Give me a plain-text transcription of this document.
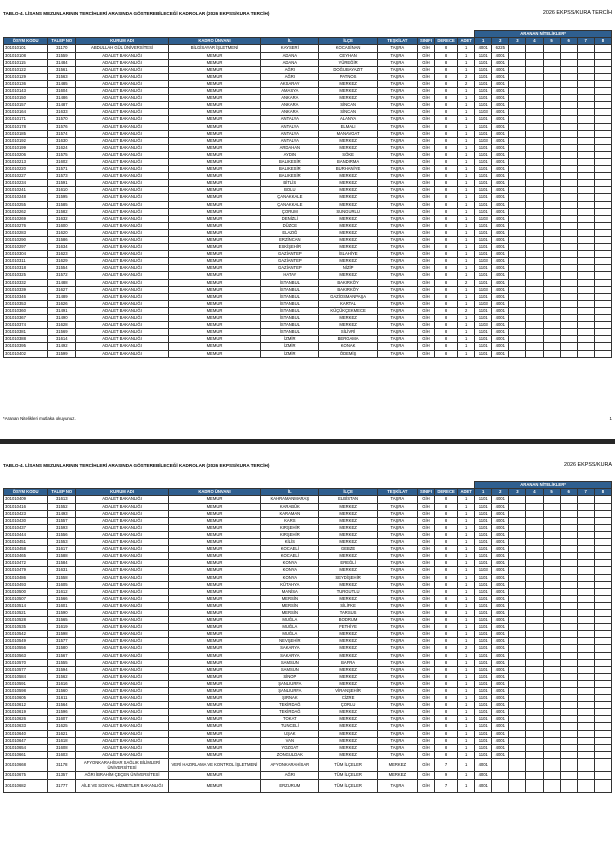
TABLO-4. LİSANS MEZUNLARININ TERCİHLERİ ARASINDA GÖSTEREBİLECEĞİ KADROLAR (2026 EKPSS/KURA TERCİH)	2026 EKPSS/KURA TERCİH
										ARANAN NİTELİKLER*							
ÖSYM KODU	TALEP NO	KURUM ADI	KADRO ÜNVANI	İL	İLÇE	TEŞKİLAT	SINIFI	DERECE	ADET	1	2	3	4	5	6	7	8
301010101	31170	ABDULLAH GÜL ÜNİVERSİTESİ	BİLGİSAYAR İŞLETMENİ	KAYSERİ	KOCASİNAN	TAŞRA	GİH	8	1	4001	6225						
301010108	31559	ADALET BAKANLIĞI	MEMUR	ADANA	CEYHAN	TAŞRA	GİH	8	1	1101	4001						
301010115	31484	ADALET BAKANLIĞI	MEMUR	ADANA	YÜREĞİR	TAŞRA	GİH	8	1	1101	4001						
301010122	31561	ADALET BAKANLIĞI	MEMUR	AĞRI	DOĞUBAYAZIT	TAŞRA	GİH	8	1	1101	4001						
301010129	31563	ADALET BAKANLIĞI	MEMUR	AĞRI	PATNOS	TAŞRA	GİH	8	2	1101	4001						
301010136	31485	ADALET BAKANLIĞI	MEMUR	AKSARAY	MERKEZ	TAŞRA	GİH	8	2	1101	4001						
301010143	31604	ADALET BAKANLIĞI	MEMUR	AMASYA	MERKEZ	TAŞRA	GİH	8	1	1101	4001						
301010150	31486	ADALET BAKANLIĞI	MEMUR	ANKARA	MERKEZ	TAŞRA	GİH	8	1	1101	4001						
301010157	31487	ADALET BAKANLIĞI	MEMUR	ANKARA	SİNCAN	TAŞRA	GİH	8	1	1101	4001						
301010164	31633	ADALET BAKANLIĞI	MEMUR	ANKARA	SİNCAN	TAŞRA	GİH	8	1	1103	4001						
301010171	31570	ADALET BAKANLIĞI	MEMUR	ANTALYA	ALANYA	TAŞRA	GİH	8	1	1101	4001						
301010178	31576	ADALET BAKANLIĞI	MEMUR	ANTALYA	ELMALI	TAŞRA	GİH	8	1	1101	4001						
301010185	31574	ADALET BAKANLIĞI	MEMUR	ANTALYA	MANAVGAT	TAŞRA	GİH	8	1	1101	4001						
301010192	31630	ADALET BAKANLIĞI	MEMUR	ANTALYA	MERKEZ	TAŞRA	GİH	8	1	1103	4001						
301010199	31624	ADALET BAKANLIĞI	MEMUR	ARDAHAN	MERKEZ	TAŞRA	GİH	8	1	1101	4001						
301010206	31575	ADALET BAKANLIĞI	MEMUR	AYDIN	SÖKE	TAŞRA	GİH	8	1	1101	4001						
301010213	31602	ADALET BAKANLIĞI	MEMUR	BALIKESİR	BANDIRMA	TAŞRA	GİH	8	1	1101	4001						
301010220	31571	ADALET BAKANLIĞI	MEMUR	BALIKESİR	BURHANİYE	TAŞRA	GİH	8	1	1101	4001						
301010227	31573	ADALET BAKANLIĞI	MEMUR	BALIKESİR	MERKEZ	TAŞRA	GİH	8	1	1101	4001						
301010234	31591	ADALET BAKANLIĞI	MEMUR	BİTLİS	MERKEZ	TAŞRA	GİH	8	1	1101	4001						
301010241	31610	ADALET BAKANLIĞI	MEMUR	BOLU	MERKEZ	TAŞRA	GİH	8	1	1101	4001						
301010248	31595	ADALET BAKANLIĞI	MEMUR	ÇANAKKALE	MERKEZ	TAŞRA	GİH	8	1	1101	4001						
301010255	31585	ADALET BAKANLIĞI	MEMUR	ÇANAKKALE	MERKEZ	TAŞRA	GİH	8	1	1101	4001						
301010262	31582	ADALET BAKANLIĞI	MEMUR	ÇORUM	SUNGURLU	TAŞRA	GİH	8	1	1101	4001						
301010269	31632	ADALET BAKANLIĞI	MEMUR	DENİZLİ	MERKEZ	TAŞRA	GİH	8	1	1103	4001						
301010276	31600	ADALET BAKANLIĞI	MEMUR	DÜZCE	MERKEZ	TAŞRA	GİH	8	1	1101	4001						
301010283	31620	ADALET BAKANLIĞI	MEMUR	ELAZIĞ	MERKEZ	TAŞRA	GİH	8	1	1101	4001						
301010290	31586	ADALET BAKANLIĞI	MEMUR	ERZİNCAN	MERKEZ	TAŞRA	GİH	8	1	1101	4001						
301010297	31634	ADALET BAKANLIĞI	MEMUR	ESKİŞEHİR	MERKEZ	TAŞRA	GİH	8	1	1101	4001						
301010304	31623	ADALET BAKANLIĞI	MEMUR	GAZİANTEP	İSLAHİYE	TAŞRA	GİH	8	1	1101	4001						
301010311	31629	ADALET BAKANLIĞI	MEMUR	GAZİANTEP	MERKEZ	TAŞRA	GİH	8	1	1103	4001						
301010318	31554	ADALET BAKANLIĞI	MEMUR	GAZİANTEP	NİZİP	TAŞRA	GİH	8	1	1101	4001						
301010325	31572	ADALET BAKANLIĞI	MEMUR	HATAY	MERKEZ	TAŞRA	GİH	8	1	1101	4001						
301010332	31488	ADALET BAKANLIĞI	MEMUR	İSTANBUL	BAKIRKÖY	TAŞRA	GİH	8	2	1101	4001						
301010339	31627	ADALET BAKANLIĞI	MEMUR	İSTANBUL	BAKIRKÖY	TAŞRA	GİH	8	1	1103	4001						
301010346	31489	ADALET BAKANLIĞI	MEMUR	İSTANBUL	GAZİOSMANPAŞA	TAŞRA	GİH	8	1	1101	4001						
301010353	31626	ADALET BAKANLIĞI	MEMUR	İSTANBUL	KARTAL	TAŞRA	GİH	8	1	1103	4001						
301010360	31491	ADALET BAKANLIĞI	MEMUR	İSTANBUL	KÜÇÜKÇEKMECE	TAŞRA	GİH	8	2	1101	4001						
301010367	31490	ADALET BAKANLIĞI	MEMUR	İSTANBUL	MERKEZ	TAŞRA	GİH	8	1	1101	4001						
301010374	31628	ADALET BAKANLIĞI	MEMUR	İSTANBUL	MERKEZ	TAŞRA	GİH	8	1	1103	4001						
301010381	31569	ADALET BAKANLIĞI	MEMUR	İSTANBUL	SİLİVRİ	TAŞRA	GİH	8	1	1101	4001						
301010388	31614	ADALET BAKANLIĞI	MEMUR	İZMİR	BERGAMA	TAŞRA	GİH	8	1	1101	4001						
301010395	31492	ADALET BAKANLIĞI	MEMUR	İZMİR	KONAK	TAŞRA	GİH	8	1	1101	4001						
301010402	31599	ADALET BAKANLIĞI	MEMUR	İZMİR	ÖDEMİŞ	TAŞRA	GİH	8	1	1101	4001						
*Aranan Nitelikleri mutlaka okuyunuz.	1
TABLO-4. LİSANS MEZUNLARININ TERCİHLERİ ARASINDA GÖSTEREBİLECEĞİ KADROLAR (2026 EKPSS/KURA TERCİH)	2026 EKPSS/KURA
										ARANAN NİTELİKLER*							
ÖSYM KODU	TALEP NO	KURUM ADI	KADRO ÜNVANI	İL	İLÇE	TEŞKİLAT	SINIFI	DERECE	ADET	1	2	3	4	5	6	7	8
301010409	31613	ADALET BAKANLIĞI	MEMUR	KAHRAMANMARAŞ	ELBİSTAN	TAŞRA	GİH	8	1	1101	4001						
301010416	31552	ADALET BAKANLIĞI	MEMUR	KARABÜK	MERKEZ	TAŞRA	GİH	8	1	1101	4001						
301010423	31493	ADALET BAKANLIĞI	MEMUR	KARAMAN	MERKEZ	TAŞRA	GİH	8	1	1101	4001						
301010430	31557	ADALET BAKANLIĞI	MEMUR	KARS	MERKEZ	TAŞRA	GİH	8	1	1101	4001						
301010437	31593	ADALET BAKANLIĞI	MEMUR	KIRŞEHİR	MERKEZ	TAŞRA	GİH	8	1	1101	4001						
301010444	31556	ADALET BAKANLIĞI	MEMUR	KIRŞEHİR	MERKEZ	TAŞRA	GİH	8	1	1101	4001						
301010451	31553	ADALET BAKANLIĞI	MEMUR	KİLİS	MERKEZ	TAŞRA	GİH	8	1	1101	4001						
301010458	31617	ADALET BAKANLIĞI	MEMUR	KOCAELİ	GEBZE	TAŞRA	GİH	8	1	1101	4001						
301010465	31588	ADALET BAKANLIĞI	MEMUR	KOCAELİ	MERKEZ	TAŞRA	GİH	8	1	1101	4001						
301010472	31584	ADALET BAKANLIĞI	MEMUR	KONYA	EREĞLİ	TAŞRA	GİH	8	1	1101	4001						
301010479	31631	ADALET BAKANLIĞI	MEMUR	KONYA	MERKEZ	TAŞRA	GİH	8	1	1103	4001						
301010486	31558	ADALET BAKANLIĞI	MEMUR	KONYA	SEYDİŞEHİR	TAŞRA	GİH	8	1	1101	4001						
301010493	31605	ADALET BAKANLIĞI	MEMUR	KÜTAHYA	MERKEZ	TAŞRA	GİH	8	1	1101	4001						
301010500	31612	ADALET BAKANLIĞI	MEMUR	MANİSA	TURGUTLU	TAŞRA	GİH	8	1	1101	4001						
301010507	31566	ADALET BAKANLIĞI	MEMUR	MERSİN	MERKEZ	TAŞRA	GİH	8	1	1101	4001						
301010514	31601	ADALET BAKANLIĞI	MEMUR	MERSİN	SİLİFKE	TAŞRA	GİH	8	1	1101	4001						
301010521	31590	ADALET BAKANLIĞI	MEMUR	MERSİN	TARSUS	TAŞRA	GİH	8	1	1101	4001						
301010528	31565	ADALET BAKANLIĞI	MEMUR	MUĞLA	BODRUM	TAŞRA	GİH	8	1	1101	4001						
301010535	31619	ADALET BAKANLIĞI	MEMUR	MUĞLA	FETHİYE	TAŞRA	GİH	8	1	1101	4001						
301010542	31598	ADALET BAKANLIĞI	MEMUR	MUĞLA	MERKEZ	TAŞRA	GİH	8	1	1101	4001						
301010549	31577	ADALET BAKANLIĞI	MEMUR	NEVŞEHİR	MERKEZ	TAŞRA	GİH	8	1	1101	4001						
301010556	31580	ADALET BAKANLIĞI	MEMUR	SAKARYA	MERKEZ	TAŞRA	GİH	8	2	1101	4001						
301010563	31567	ADALET BAKANLIĞI	MEMUR	SAKARYA	MERKEZ	TAŞRA	GİH	8	1	1101	4001						
301010570	31555	ADALET BAKANLIĞI	MEMUR	SAMSUN	BAFRA	TAŞRA	GİH	8	1	1101	4001						
301010577	31594	ADALET BAKANLIĞI	MEMUR	SAMSUN	MERKEZ	TAŞRA	GİH	8	1	1101	4001						
301010584	31562	ADALET BAKANLIĞI	MEMUR	SİNOP	MERKEZ	TAŞRA	GİH	8	1	1101	4001						
301010591	31616	ADALET BAKANLIĞI	MEMUR	ŞANLIURFA	MERKEZ	TAŞRA	GİH	8	1	1101	4001						
301010598	31560	ADALET BAKANLIĞI	MEMUR	ŞANLIURFA	VİRANŞEHİR	TAŞRA	GİH	8	1	1101	4001						
301010605	31611	ADALET BAKANLIĞI	MEMUR	ŞIRNAK	CİZRE	TAŞRA	GİH	8	1	1101	4001						
301010612	31564	ADALET BAKANLIĞI	MEMUR	TEKİRDAĞ	ÇORLU	TAŞRA	GİH	8	1	1101	4001						
301010619	31596	ADALET BAKANLIĞI	MEMUR	TEKİRDAĞ	MERKEZ	TAŞRA	GİH	8	1	1101	4001						
301010626	31607	ADALET BAKANLIĞI	MEMUR	TOKAT	MERKEZ	TAŞRA	GİH	8	1	1101	4001						
301010633	31625	ADALET BAKANLIĞI	MEMUR	TUNCELİ	MERKEZ	TAŞRA	GİH	8	1	1101	4001						
301010640	31621	ADALET BAKANLIĞI	MEMUR	UŞAK	MERKEZ	TAŞRA	GİH	8	1	1101	4001						
301010647	31618	ADALET BAKANLIĞI	MEMUR	VAN	MERKEZ	TAŞRA	GİH	8	1	1101	4001						
301010654	31608	ADALET BAKANLIĞI	MEMUR	YOZGAT	MERKEZ	TAŞRA	GİH	8	1	1101	4001						
301010661	31603	ADALET BAKANLIĞI	MEMUR	ZONGULDAK	MERKEZ	TAŞRA	GİH	8	1	1101	4001						
301010668	31178	AFYONKARAHİSAR SAĞLIK BİLİMLERİ ÜNİVERSİTESİ	VERİ HAZIRLAMA VE KONTROL İŞLETMENİ	AFYONKARAHİSAR	TÜM İLÇELER	MERKEZ	GİH	7	1	4001							
301010675	31357	AĞRI İBRAHİM ÇEÇEN ÜNİVERSİTESİ	MEMUR	AĞRI	TÜM İLÇELER	MERKEZ	GİH	9	1	4001							
301010682	31777	AİLE VE SOSYAL HİZMETLER BAKANLIĞI	MEMUR	ERZURUM	TÜM İLÇELER	TAŞRA	GİH	7	1	4001							
